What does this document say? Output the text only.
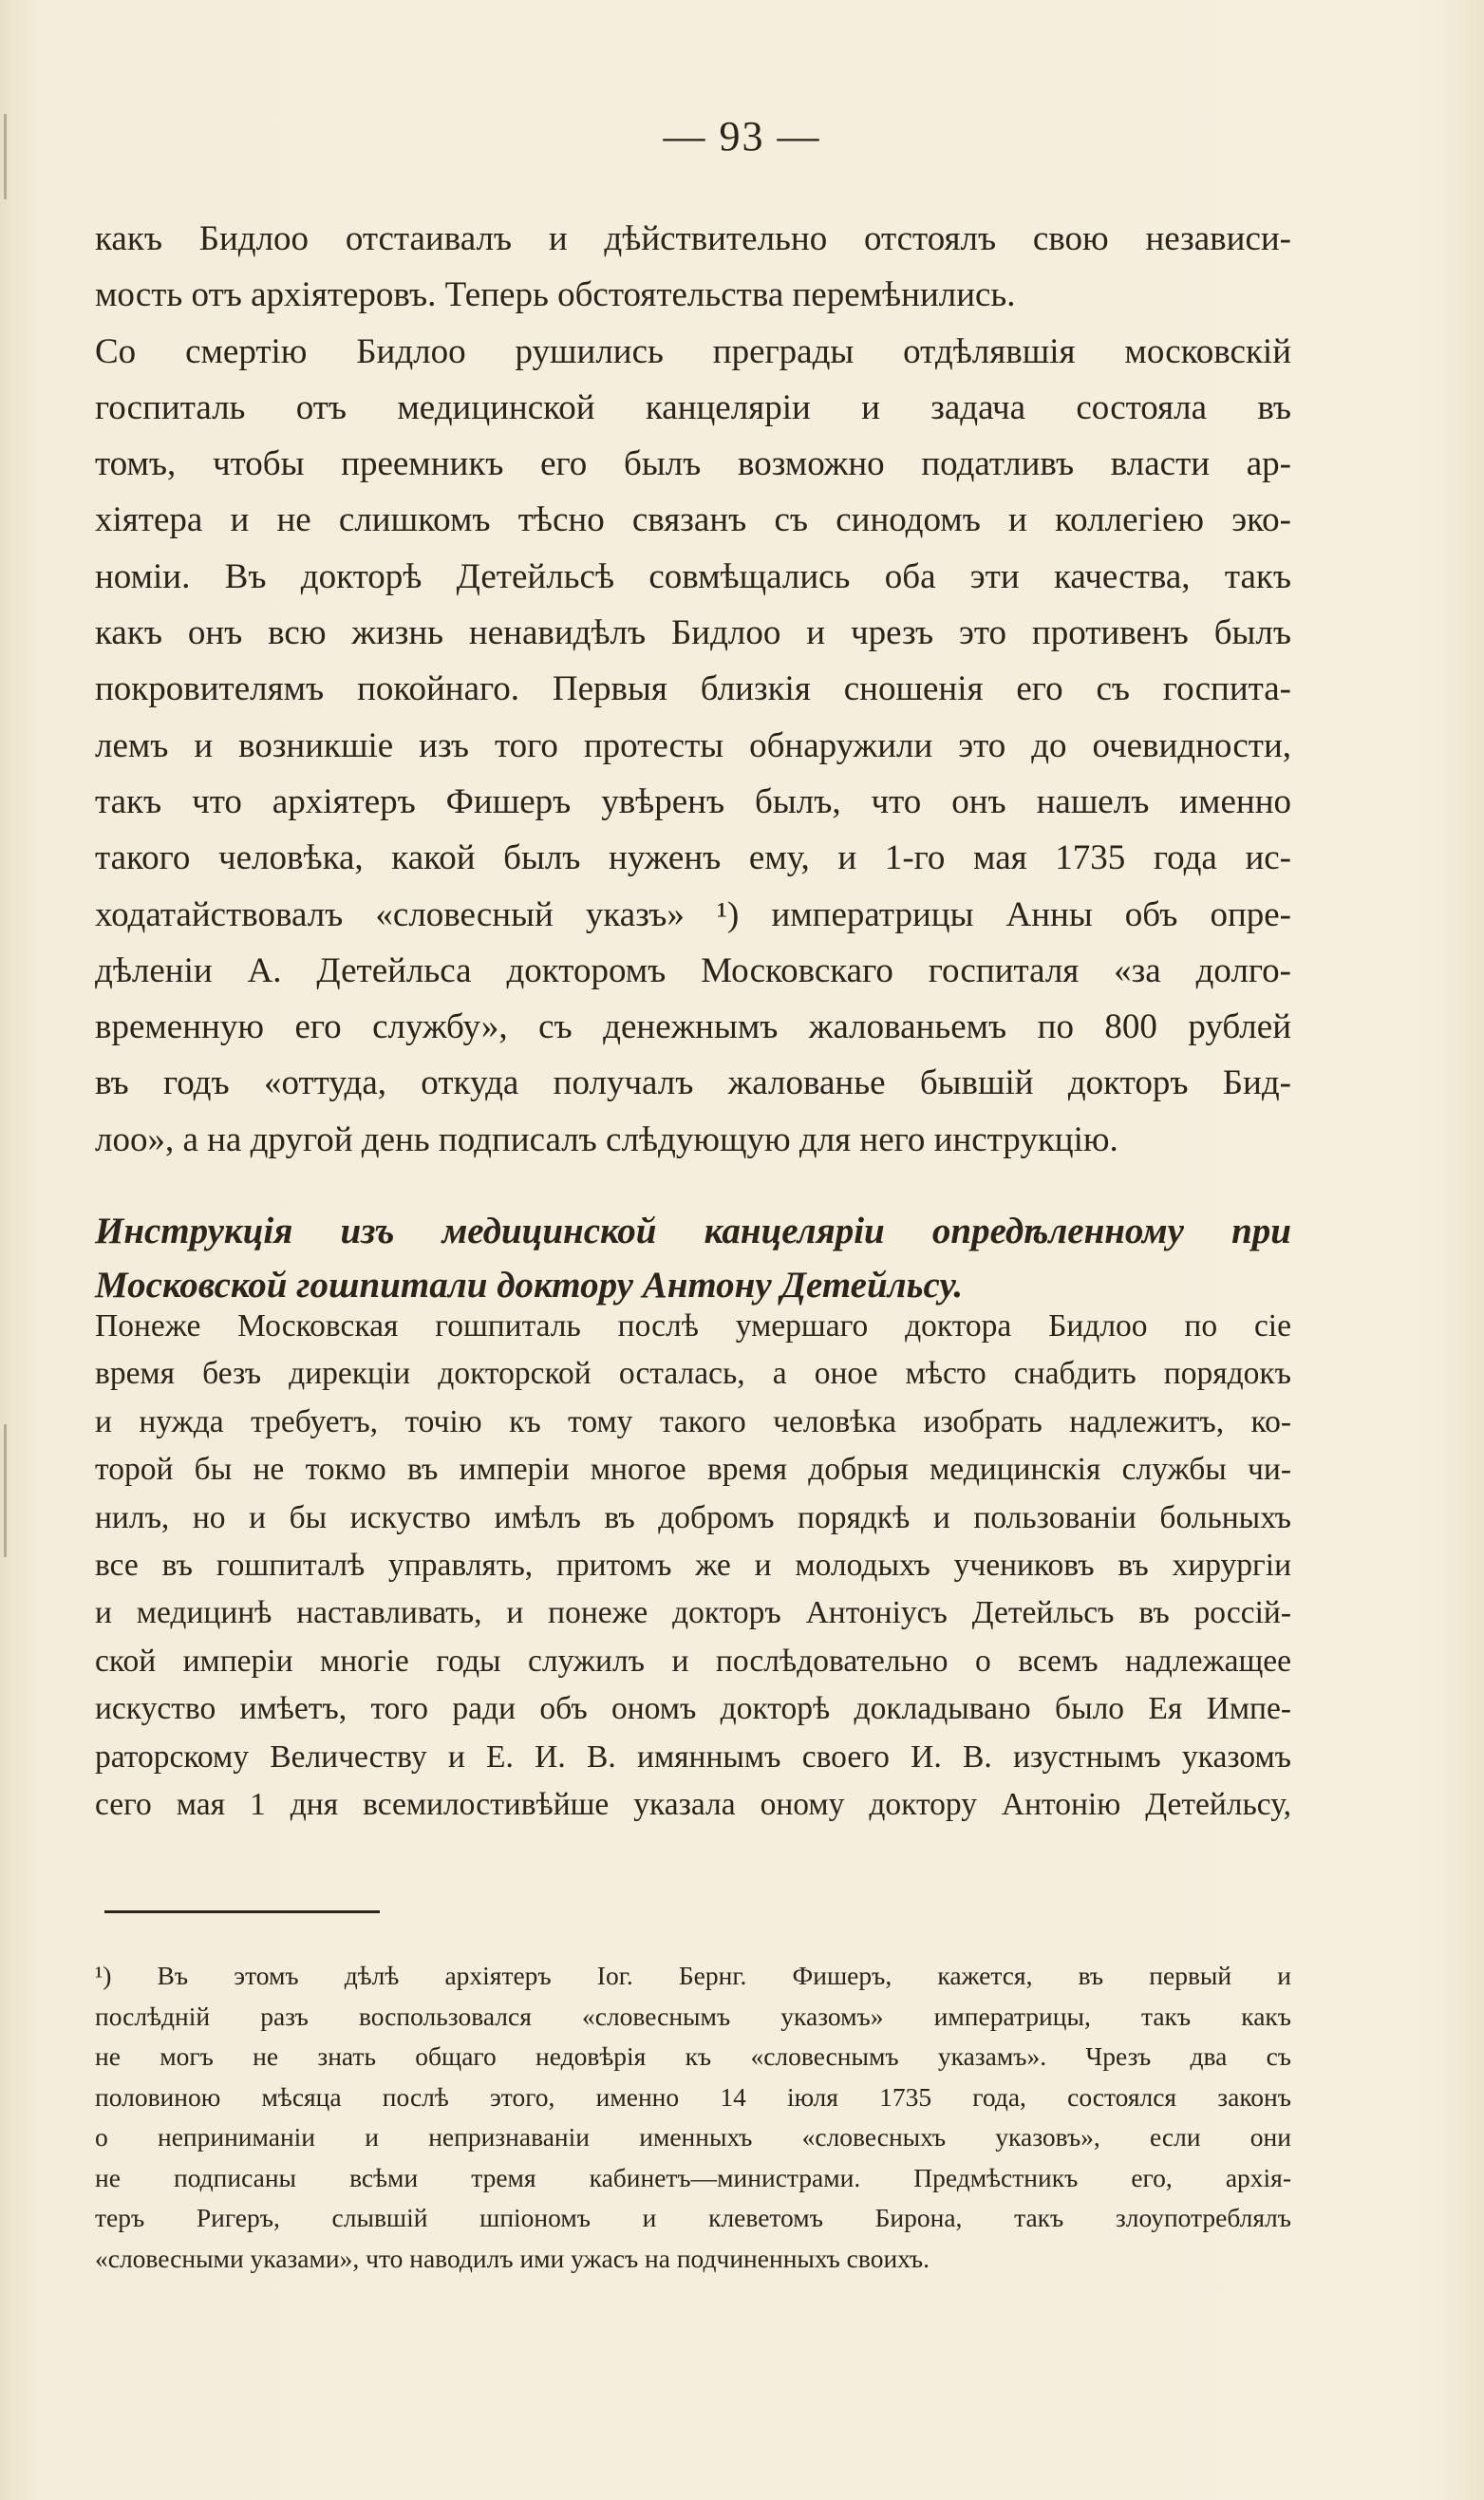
— 93 —
какъ Бидлоо отстаивалъ и дѣйствительно отстоялъ свою независи-
мость отъ архіятеровъ. Теперь обстоятельства перемѣнились.
Со смертію Бидлоо рушились преграды отдѣлявшія московскій
госпиталь отъ медицинской канцеляріи и задача состояла въ
томъ, чтобы преемникъ его былъ возможно податливъ власти ар-
хіятера и не слишкомъ тѣсно связанъ съ синодомъ и коллегіею эко-
номіи. Въ докторѣ Детейльсѣ совмѣщались оба эти качества, такъ
какъ онъ всю жизнь ненавидѣлъ Бидлоо и чрезъ это противенъ былъ
покровителямъ покойнаго. Первыя близкія сношенія его съ госпита-
лемъ и возникшіе изъ того протесты обнаружили это до очевидности,
такъ что архіятеръ Фишеръ увѣренъ былъ, что онъ нашелъ именно
такого человѣка, какой былъ нуженъ ему, и 1-го мая 1735 года ис-
ходатайствовалъ «словесный указъ» ¹) императрицы Анны объ опре-
дѣленіи А. Детейльса докторомъ Московскаго госпиталя «за долго-
временную его службу», съ денежнымъ жалованьемъ по 800 рублей
въ годъ «оттуда, откуда получалъ жалованье бывшій докторъ Бид-
лоо», а на другой день подписалъ слѣдующую для него инструкцію.
Инструкція изъ медицинской канцеляріи опредѣленному при
Московской гошпитали доктору Антону Детейльсу.
Понеже Московская гошпиталь послѣ умершаго доктора Бидлоо по сіе
время безъ дирекціи докторской осталась, а оное мѣсто снабдить порядокъ
и нужда требуетъ, точію къ тому такого человѣка изобрать надлежитъ, ко-
торой бы не токмо въ имперіи многое время добрыя медицинскія службы чи-
нилъ, но и бы искуство имѣлъ въ добромъ порядкѣ и пользованіи больныхъ
все въ гошпиталѣ управлять, притомъ же и молодыхъ учениковъ въ хирургіи
и медицинѣ наставливать, и понеже докторъ Антоніусъ Детейльсъ въ россій-
ской имперіи многіе годы служилъ и послѣдовательно о всемъ надлежащее
искуство имѣетъ, того ради объ ономъ докторѣ докладывано было Ея Импе-
раторскому Величеству и Е. И. В. имяннымъ своего И. В. изустнымъ указомъ
сего мая 1 дня всемилостивѣйше указала оному доктору Антонію Детейльсу,
¹) Въ этомъ дѣлѣ архіятеръ Іог. Бернг. Фишеръ, кажется, въ первый и
послѣдній разъ воспользовался «словеснымъ указомъ» императрицы, такъ какъ
не могъ не знать общаго недовѣрія къ «словеснымъ указамъ». Чрезъ два съ
половиною мѣсяца послѣ этого, именно 14 іюля 1735 года, состоялся законъ
о неприниманіи и непризнаваніи именныхъ «словесныхъ указовъ», если они
не подписаны всѣми тремя кабинетъ—министрами. Предмѣстникъ его, архія-
теръ Ригеръ, слывшій шпіономъ и клеветомъ Бирона, такъ злоупотреблялъ
«словесными указами», что наводилъ ими ужасъ на подчиненныхъ своихъ.
